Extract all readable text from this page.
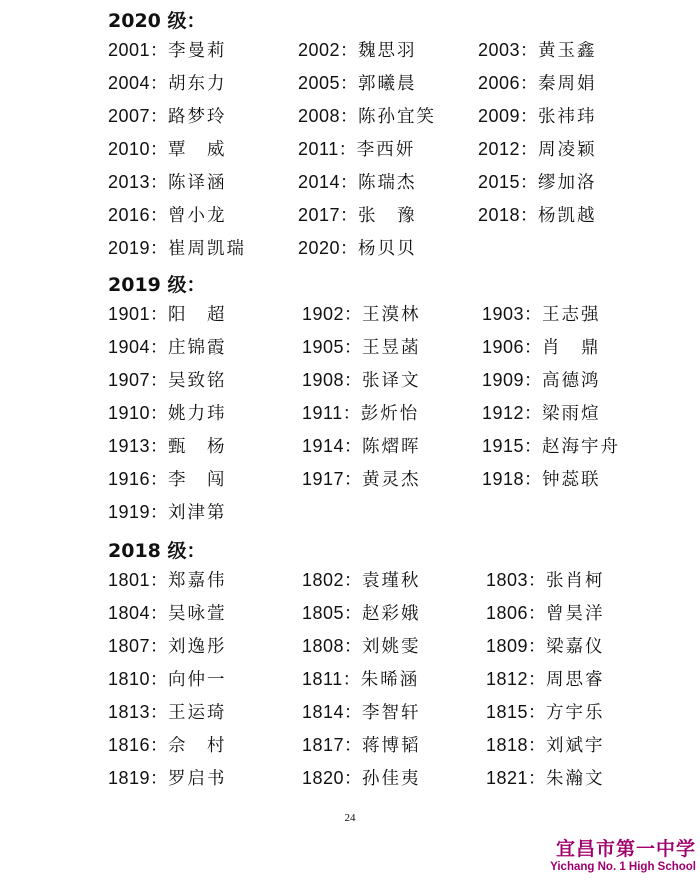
2020 级：
2001：李曼莉	2002：魏思羽	2003：黄玉鑫
2004：胡东力	2005：郭曦晨	2006：秦周娟
2007：路梦玲	2008：陈孙宜笑 2009：张祎玮
2010：覃　威	2011：李西妍	2012：周凌颖
2013：陈译涵	2014：陈瑞杰	2015：缪加洛
2016：曾小龙	2017：张　豫	2018：杨凯越
2019：崔周凯瑞	2020：杨贝贝
2019 级：
1901：阳　超	1902：王漠林	1903：王志强
1904：庄锦霞	1905：王昱菡	1906：肖　鼎
1907：吴致铭	1908：张译文	1909：高德鸿
1910：姚力玮	1911：彭炘怡	1912：梁雨煊
1913：甄　杨	1914：陈熠晖	1915：赵海宇舟
1916：李　闯	1917：黄灵杰	1918：钟蕊联
1919：刘津第
2018 级：
1801：郑嘉伟	1802：袁瑾秋	1803：张肖柯
1804：吴咏萱	1805：赵彩娥	1806：曾昊洋
1807：刘逸彤	1808：刘姚雯	1809：梁嘉仪
1810：向仲一	1811：朱晞涵	1812：周思睿
1813：王运琦	1814：李智轩	1815：方宇乐
1816：佘　村	1817：蒋博韬	1818：刘斌宇
1819：罗启书	1820：孙佳夷	1821：朱瀚文
24
宜昌市第一中学
Yichang No. 1 High School
